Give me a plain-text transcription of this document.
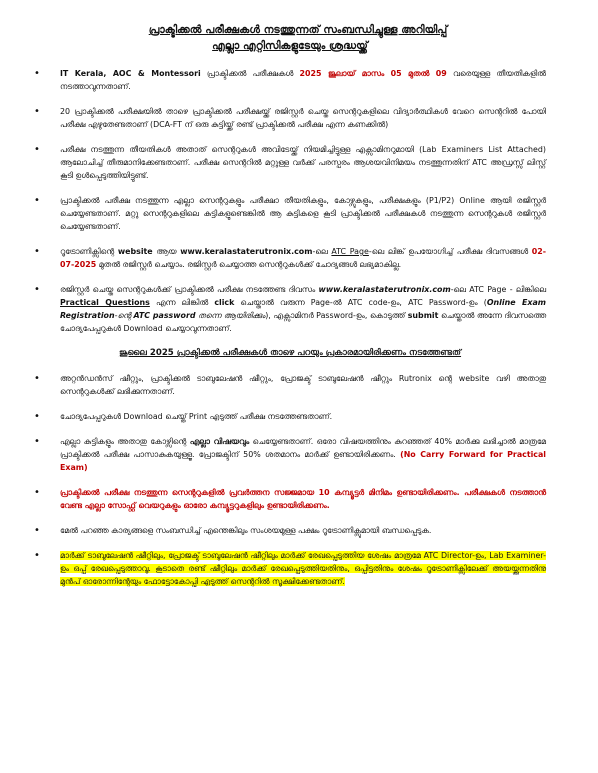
പ്രാക്ടിക്കൽ പരീക്ഷകൾ നടത്തുന്നത് സംബന്ധിച്ചുള്ള അറിയിപ്പ്

എല്ലാ എറ്റിസികളുടേയും ശ്രദ്ധയ്ക്ക്

•	IT Kerala, AOC & Montessori പ്രാക്ടിക്കൽ പരീക്ഷകൾ 2025 ജൂലായ് മാസം 05 മുതൽ 09 വരെയുള്ള തീയതികളിൽ നടത്താവുന്നതാണ്.
•	20 പ്രാക്ടിക്കൽ പരീക്ഷയിൽ താഴെ പ്രാക്ടിക്കൽ പരീക്ഷയ്ക്ക് രജിസ്റ്റർ ചെയ്ത സെന്ററുകളിലെ വിദ്യാർത്ഥികൾ വേറെ സെന്ററിൽ പോയി പരീക്ഷ എഴുതേണ്ടതാണ് (DCA-FT ന് ഒരു കുട്ടിയ്ക്ക് രണ്ട് പ്രാക്ടിക്കൽ പരീക്ഷ എന്ന കണക്കിൽ)
•	പരീക്ഷ നടത്തുന്ന തീയതികൾ അതാത് സെന്ററുകൾ അവിടേയ്ക്ക് നിയമിച്ചിട്ടുള്ള എക്സാമിനറുമായി (Lab Examiners List Attached) ആലോചിച്ച് തീരുമാനിക്കേണ്ടതാണ്. പരീക്ഷ സെന്ററിൽ മറ്റുള്ള വർക്ക് പരസ്പരം ആശയവിനിമയം നടത്തുന്നതിന് ATC അഡ്രസ്സ് ലിസ്റ്റ് കൂടി ഉൾപ്പെടുത്തിയിട്ടുണ്ട്.
•	പ്രാക്ടിക്കൽ പരീക്ഷ നടത്തുന്ന എല്ലാ സെന്ററുകളും പരീക്ഷാ തീയതികളും, കോഴ്സുകളും, പരീക്ഷകളും (P1/P2) Online ആയി രജിസ്റ്റർ ചെയ്യേണ്ടതാണ്. മറ്റു സെന്ററുകളിലെ കുട്ടികളുണ്ടെങ്കിൽ ആ കുട്ടികളെ കൂടി പ്രാക്ടിക്കൽ പരീക്ഷകൾ നടത്തുന്ന സെന്ററുകൾ രജിസ്റ്റർ ചെയ്യേണ്ടതാണ്.
•	റൂട്രോണിക്സിന്റെ website ആയ www.keralastaterutronix.com-ലെ ATC Page-ലെ ലിങ്ക് ഉപയോഗിച്ച് പരീക്ഷ ദിവസങ്ങൾ 02-07-2025 മുതൽ രജിസ്റ്റർ ചെയ്യാം. രജിസ്റ്റർ ചെയ്യാത്ത സെന്ററുകൾക്ക് ചോദ്യങ്ങൾ ലഭ്യമാകില്ല.
•	രജിസ്റ്റർ ചെയ്ത സെന്ററുകൾക്ക് പ്രാക്ടിക്കൽ പരീക്ഷ നടത്തേണ്ട ദിവസം www.keralastaterutronix.com-ലെ ATC Page - ലിങ്കിലെ Practical Questions എന്ന ലിങ്കിൽ click ചെയ്താൽ വരുന്ന Page-ൽ ATC code-ഉം, ATC Password-ഉം (Online Exam Registration-ന്റെ ATC password തന്നെ ആയിരിക്കും), എക്സാമിനർ Password-ഉം, കൊടുത്ത് submit ചെയ്താൽ അന്നേ ദിവസത്തെ ചോദ്യപേപ്പറുകൾ Download ചെയ്യാവുന്നതാണ്.

ജൂലൈ 2025 പ്രാക്ടിക്കൽ പരീക്ഷകൾ താഴെ പറയും പ്രകാരമായിരിക്കണം നടത്തേണ്ടത്

•	അറ്റൻഡൻസ് ഷീറ്റും, പ്രാക്ടിക്കൽ ടാബുലേഷൻ ഷീറ്റും, പ്രോജക്ട് ടാബുലേഷൻ ഷീറ്റും Rutronix ന്റെ website വഴി അതാതു സെന്ററുകൾക്ക് ലഭിക്കുന്നതാണ്.
•	ചോദ്യപേപ്പറുകൾ Download ചെയ്ത് Print എടുത്ത് പരീക്ഷ നടത്തേണ്ടതാണ്.
•	എല്ലാ കുട്ടികളും അതാതു കോഴ്സിന്റെ എല്ലാ വിഷയവും ചെയ്യേണ്ടതാണ്. ഒരോ വിഷയത്തിനും കുറഞ്ഞത് 40% മാർക്കു ലഭിച്ചാൽ മാത്രമേ പ്രാക്ടിക്കൽ പരീക്ഷ പാസാകുകയുള്ളൂ. പ്രോജക്ടിന് 50% ശതമാനം മാർക്ക് ഉണ്ടായിരിക്കണം. (No Carry Forward for Practical Exam)
•	പ്രാക്ടിക്കൽ പരീക്ഷ നടത്തുന്ന സെന്ററുകളിൽ പ്രവർത്തന സജ്ജമായ 10 കമ്പ്യൂട്ടർ മിനിമം ഉണ്ടായിരിക്കണം. പരീക്ഷകൾ നടത്താൻ വേണ്ട എല്ലാ സോഫ്റ്റ് വെയറുകളും ഓരോ കമ്പ്യൂട്ടറുകളിലും ഉണ്ടായിരിക്കണം.
•	മേൽ പറഞ്ഞ കാര്യങ്ങളെ സംബന്ധിച്ച് എന്തെങ്കിലും സംശയമുള്ള പക്ഷം റൂട്രോണിക്സുമായി ബന്ധപ്പെടുക.
•	മാർക്ക് ടാബുലേഷൻ ഷീറ്റിലും, പ്രോജക്ട് ടാബുലേഷൻ ഷീറ്റിലും മാർക്ക് രേഖപ്പെടുത്തിയ ശേഷം മാത്രമേ ATC Director-ഉം, Lab Examiner-ഉം ഒപ്പ് രേഖപ്പെടുത്താവൂ. കൂടാതെ രണ്ട് ഷീറ്റിലും മാർക്ക് രേഖപ്പെടുത്തിയതിനും, ഒപ്പിട്ടതിനും ശേഷം റൂട്രോണിക്സിലേക്ക് അയയ്ക്കുന്നതിനു മുൻപ് ഓരോന്നിന്റേയും ഫോട്ടോകോപ്പി എടുത്ത് സെന്ററിൽ സൂക്ഷിക്കേണ്ടതാണ്.
